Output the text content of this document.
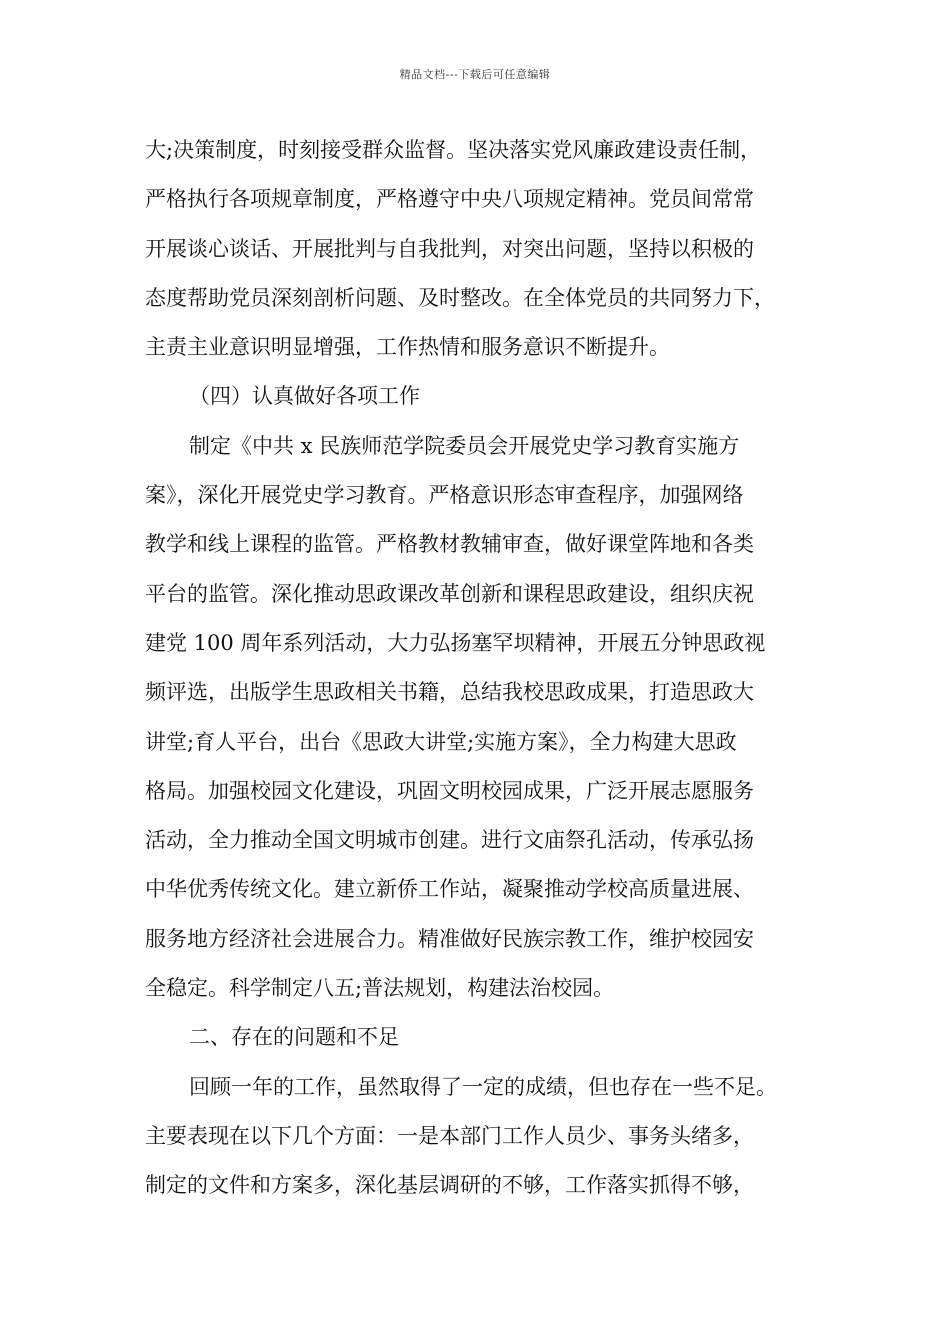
精品文档---下载后可任意编辑
大;决策制度，时刻接受群众监督。坚决落实党风廉政建设责任制，
严格执行各项规章制度，严格遵守中央八项规定精神。党员间常常
开展谈心谈话、开展批判与自我批判，对突出问题，坚持以积极的
态度帮助党员深刻剖析问题、及时整改。在全体党员的共同努力下，
主责主业意识明显增强，工作热情和服务意识不断提升。
（四）认真做好各项工作
制定《中共 x 民族师范学院委员会开展党史学习教育实施方
案》，深化开展党史学习教育。严格意识形态审查程序，加强网络
教学和线上课程的监管。严格教材教辅审查，做好课堂阵地和各类
平台的监管。深化推动思政课改革创新和课程思政建设，组织庆祝
建党 100 周年系列活动，大力弘扬塞罕坝精神，开展五分钟思政视
频评选，出版学生思政相关书籍，总结我校思政成果，打造思政大
讲堂;育人平台，出台《思政大讲堂;实施方案》，全力构建大思政
格局。加强校园文化建设，巩固文明校园成果，广泛开展志愿服务
活动，全力推动全国文明城市创建。进行文庙祭孔活动，传承弘扬
中华优秀传统文化。建立新侨工作站，凝聚推动学校高质量进展、
服务地方经济社会进展合力。精准做好民族宗教工作，维护校园安
全稳定。科学制定八五;普法规划，构建法治校园。
二、存在的问题和不足
回顾一年的工作，虽然取得了一定的成绩，但也存在一些不足。
主要表现在以下几个方面：一是本部门工作人员少、事务头绪多，
制定的文件和方案多，深化基层调研的不够，工作落实抓得不够，
